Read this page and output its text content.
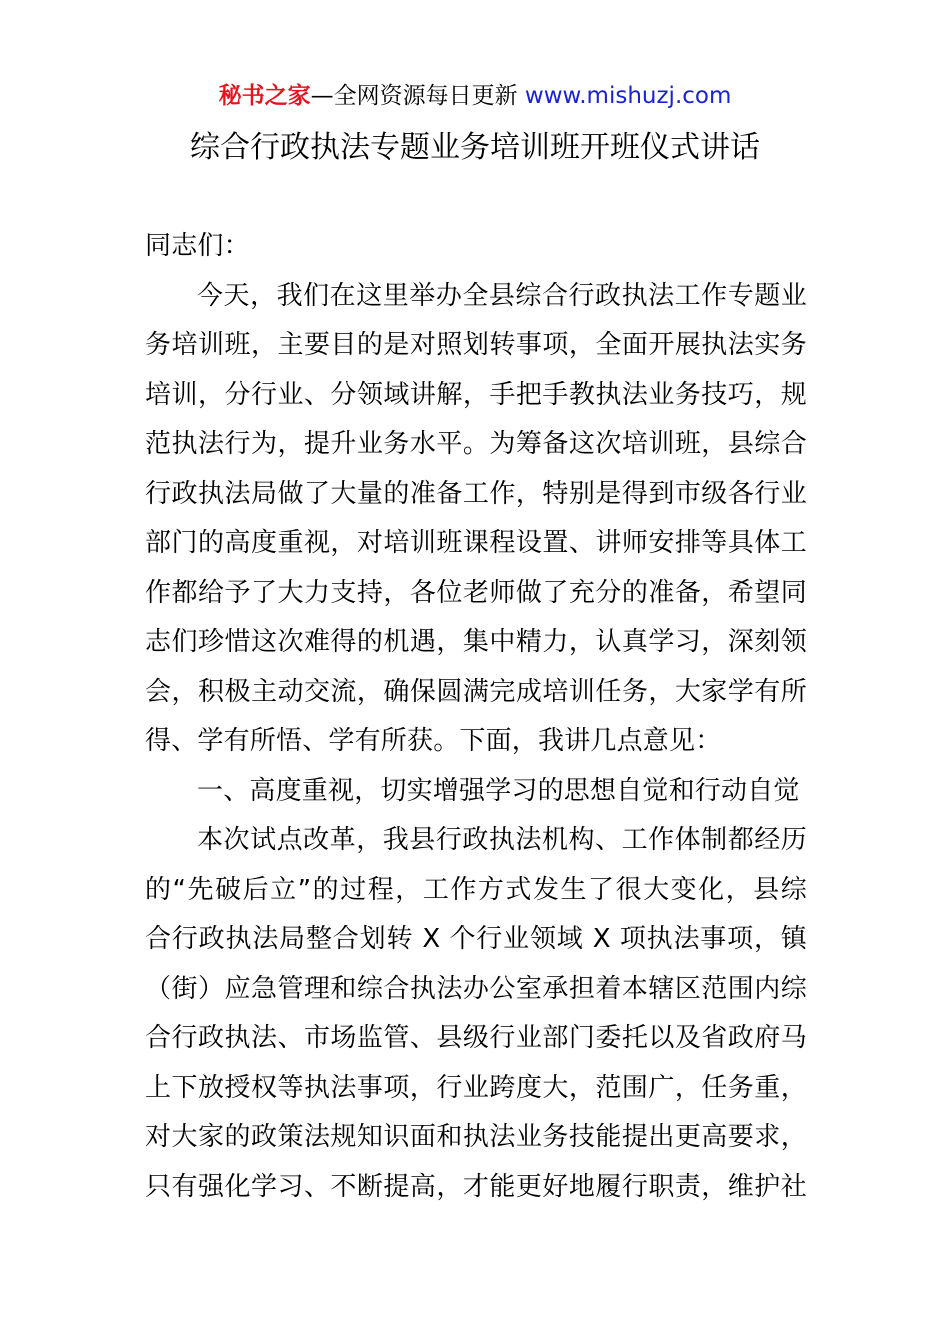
秘书之家—全网资源每日更新 www.mishuzj.com
综合行政执法专题业务培训班开班仪式讲话
同志们：
今天，我们在这里举办全县综合行政执法工作专题业
务培训班，主要目的是对照划转事项，全面开展执法实务
培训，分行业、分领域讲解，手把手教执法业务技巧，规
范执法行为，提升业务水平。为筹备这次培训班，县综合
行政执法局做了大量的准备工作，特别是得到市级各行业
部门的高度重视，对培训班课程设置、讲师安排等具体工
作都给予了大力支持，各位老师做了充分的准备，希望同
志们珍惜这次难得的机遇，集中精力，认真学习，深刻领
会，积极主动交流，确保圆满完成培训任务，大家学有所
得、学有所悟、学有所获。下面，我讲几点意见：
一、高度重视，切实增强学习的思想自觉和行动自觉
本次试点改革，我县行政执法机构、工作体制都经历
的“先破后立”的过程，工作方式发生了很大变化，县综
合行政执法局整合划转 X 个行业领域 X 项执法事项，镇
（街）应急管理和综合执法办公室承担着本辖区范围内综
合行政执法、市场监管、县级行业部门委托以及省政府马
上下放授权等执法事项，行业跨度大，范围广，任务重，
对大家的政策法规知识面和执法业务技能提出更高要求，
只有强化学习、不断提高，才能更好地履行职责，维护社
